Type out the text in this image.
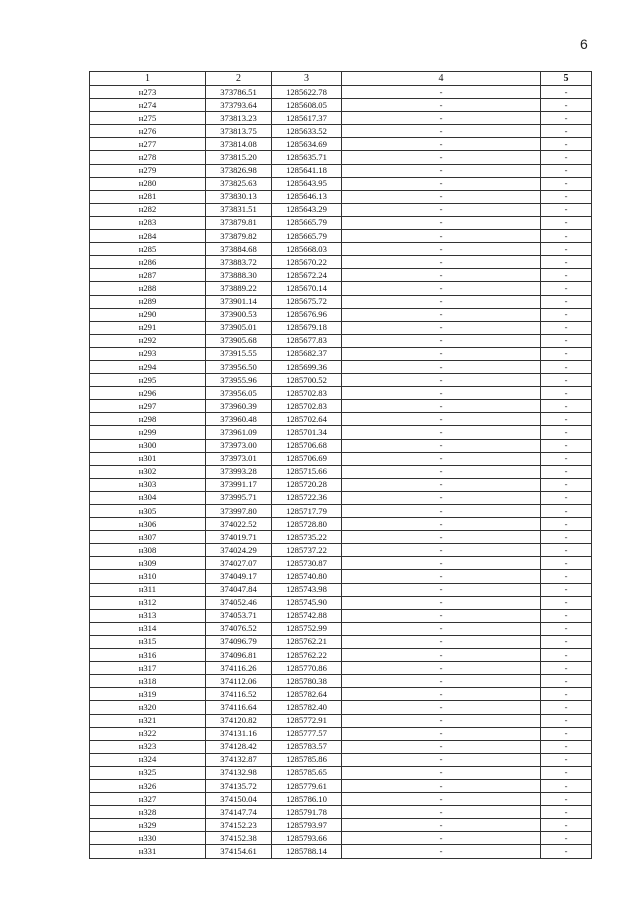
6
1	2	3	4	5
н273	373786.51	1285622.78	-	-
н274	373793.64	1285608.05	-	-
н275	373813.23	1285617.37	-	-
н276	373813.75	1285633.52	-	-
н277	373814.08	1285634.69	-	-
н278	373815.20	1285635.71	-	-
н279	373826.98	1285641.18	-	-
н280	373825.63	1285643.95	-	-
н281	373830.13	1285646.13	-	-
н282	373831.51	1285643.29	-	-
н283	373879.81	1285665.79	-	-
н284	373879.82	1285665.79	-	-
н285	373884.68	1285668.03	-	-
н286	373883.72	1285670.22	-	-
н287	373888.30	1285672.24	-	-
н288	373889.22	1285670.14	-	-
н289	373901.14	1285675.72	-	-
н290	373900.53	1285676.96	-	-
н291	373905.01	1285679.18	-	-
н292	373905.68	1285677.83	-	-
н293	373915.55	1285682.37	-	-
н294	373956.50	1285699.36	-	-
н295	373955.96	1285700.52	-	-
н296	373956.05	1285702.83	-	-
н297	373960.39	1285702.83	-	-
н298	373960.48	1285702.64	-	-
н299	373961.09	1285701.34	-	-
н300	373973.00	1285706.68	-	-
н301	373973.01	1285706.69	-	-
н302	373993.28	1285715.66	-	-
н303	373991.17	1285720.28	-	-
н304	373995.71	1285722.36	-	-
н305	373997.80	1285717.79	-	-
н306	374022.52	1285728.80	-	-
н307	374019.71	1285735.22	-	-
н308	374024.29	1285737.22	-	-
н309	374027.07	1285730.87	-	-
н310	374049.17	1285740.80	-	-
н311	374047.84	1285743.98	-	-
н312	374052.46	1285745.90	-	-
н313	374053.71	1285742.88	-	-
н314	374076.52	1285752.99	-	-
н315	374096.79	1285762.21	-	-
н316	374096.81	1285762.22	-	-
н317	374116.26	1285770.86	-	-
н318	374112.06	1285780.38	-	-
н319	374116.52	1285782.64	-	-
н320	374116.64	1285782.40	-	-
н321	374120.82	1285772.91	-	-
н322	374131.16	1285777.57	-	-
н323	374128.42	1285783.57	-	-
н324	374132.87	1285785.86	-	-
н325	374132.98	1285785.65	-	-
н326	374135.72	1285779.61	-	-
н327	374150.04	1285786.10	-	-
н328	374147.74	1285791.78	-	-
н329	374152.23	1285793.97	-	-
н330	374152.38	1285793.66	-	-
н331	374154.61	1285788.14	-	-
